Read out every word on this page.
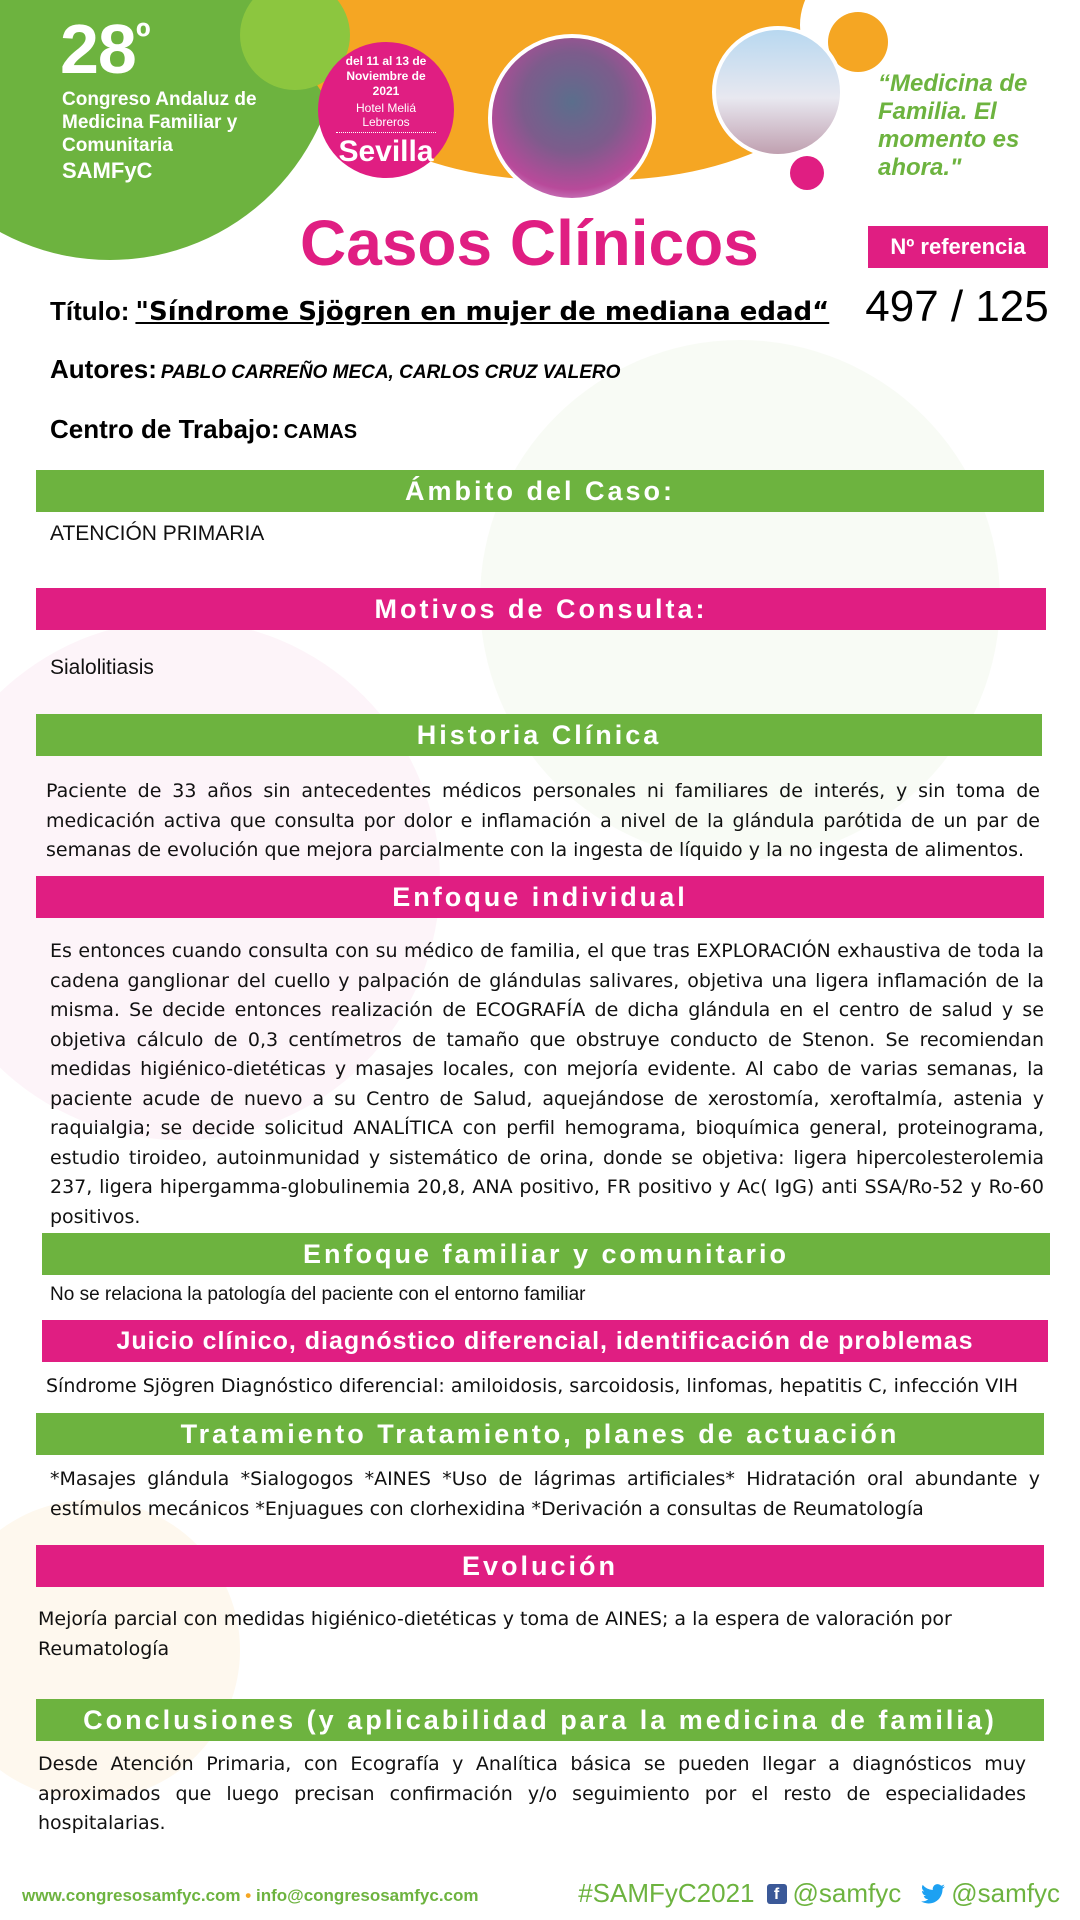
$28^º$
Congreso Andaluz de Medicina Familiar y Comunitaria
SAMFyC
del 11 al 13 de Noviembre de 2021
Hotel Meliá Lebreros
Sevilla
“Medicina de Familia. El momento es ahora."
Casos Clínicos	Nº referencia
497 / 125
Título: "Síndrome Sjögren en mujer de mediana edad“
Autores: PABLO CARREÑO MECA, CARLOS CRUZ VALERO
Centro de Trabajo: CAMAS
Ámbito del Caso:
ATENCIÓN PRIMARIA
Motivos de Consulta:
Sialolitiasis
Historia Clínica
Paciente de 33 años sin antecedentes médicos personales ni familiares de interés, y sin toma de medicación activa que consulta por dolor e inflamación a nivel de la glándula parótida de un par de semanas de evolución que mejora parcialmente con la ingesta de líquido y la no ingesta de alimentos.
Enfoque individual
Es entonces cuando consulta con su médico de familia, el que tras EXPLORACIÓN exhaustiva de toda la cadena ganglionar del cuello y palpación de glándulas salivares, objetiva una ligera inflamación de la misma. Se decide entonces realización de ECOGRAFÍA de dicha glándula en el centro de salud y se objetiva cálculo de 0,3 centímetros de tamaño que obstruye conducto de Stenon. Se recomiendan medidas higiénico-dietéticas y masajes locales, con mejoría evidente. Al cabo de varias semanas, la paciente acude de nuevo a su Centro de Salud, aquejándose de xerostomía, xeroftalmía, astenia y raquialgia; se decide solicitud ANALÍTICA con perfil hemograma, bioquímica general, proteinograma, estudio tiroideo, autoinmunidad y sistemático de orina, donde se objetiva: ligera hipercolesterolemia 237, ligera hipergamma-globulinemia 20,8, ANA positivo, FR positivo y Ac( IgG) anti SSA/Ro-52 y Ro-60 positivos.
Enfoque familiar y comunitario
No se relaciona la patología del paciente con el entorno familiar
Juicio clínico, diagnóstico diferencial, identificación de problemas
Síndrome Sjögren Diagnóstico diferencial: amiloidosis, sarcoidosis, linfomas, hepatitis C, infección VIH
Tratamiento Tratamiento, planes de actuación
*Masajes glándula *Sialogogos *AINES *Uso de lágrimas artificiales* Hidratación oral abundante y estímulos mecánicos *Enjuagues con clorhexidina *Derivación a consultas de Reumatología
Evolución
Mejoría parcial con medidas higiénico-dietéticas y toma de AINES; a la espera de valoración por Reumatología
Conclusiones (y aplicabilidad para la medicina de familia)
Desde Atención Primaria, con Ecografía y Analítica básica se pueden llegar a diagnósticos muy aproximados que luego precisan confirmación y/o seguimiento por el resto de especialidades hospitalarias.
www.congresosamfyc.com • info@congresosamfyc.com	#SAMFyC2021	f @samfyc @samfyc
